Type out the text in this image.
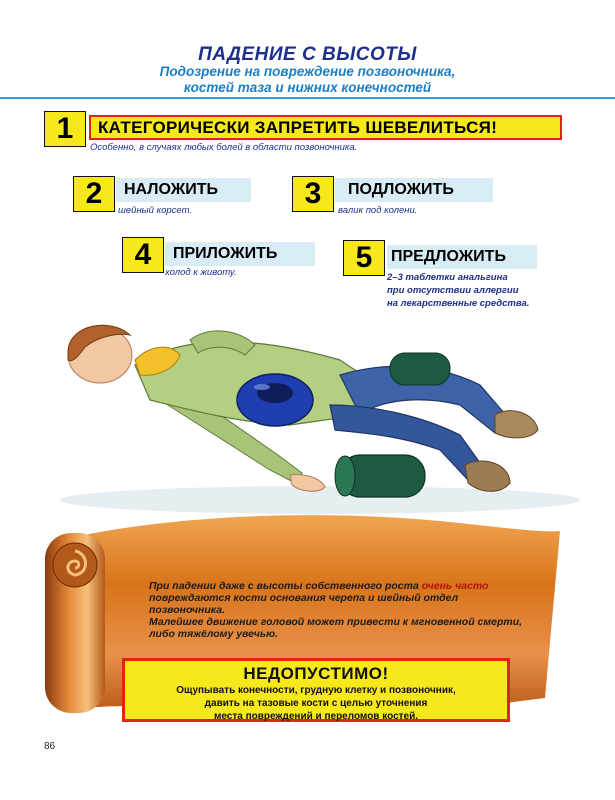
ПАДЕНИЕ С ВЫСОТЫ
Подозрение на повреждение позвоночника,
костей таза и нижних конечностей
1	КАТЕГОРИЧЕСКИ ЗАПРЕТИТЬ ШЕВЕЛИТЬСЯ!
Особенно, в случаях любых болей в области позвоночника.
2	НАЛОЖИТЬ
шейный корсет.
3	ПОДЛОЖИТЬ
валик под колени.
4	ПРИЛОЖИТЬ
холод к животу.	5	ПРЕДЛОЖИТЬ
2–3 таблетки анальгина
при отсутствии аллергии
на лекарственные средства.

При падении даже с высоты собственного роста очень часто повреждаются кости основания черепа и шейный отдел позвоночника.

Малейшее движение головой может привести к мгновенной смерти, либо тяжёлому увечью.

НЕДОПУСТИМО!
Ощупывать конечности, грудную клетку и позвоночник,
давить на тазовые кости с целью уточнения
места повреждений и переломов костей.
86
